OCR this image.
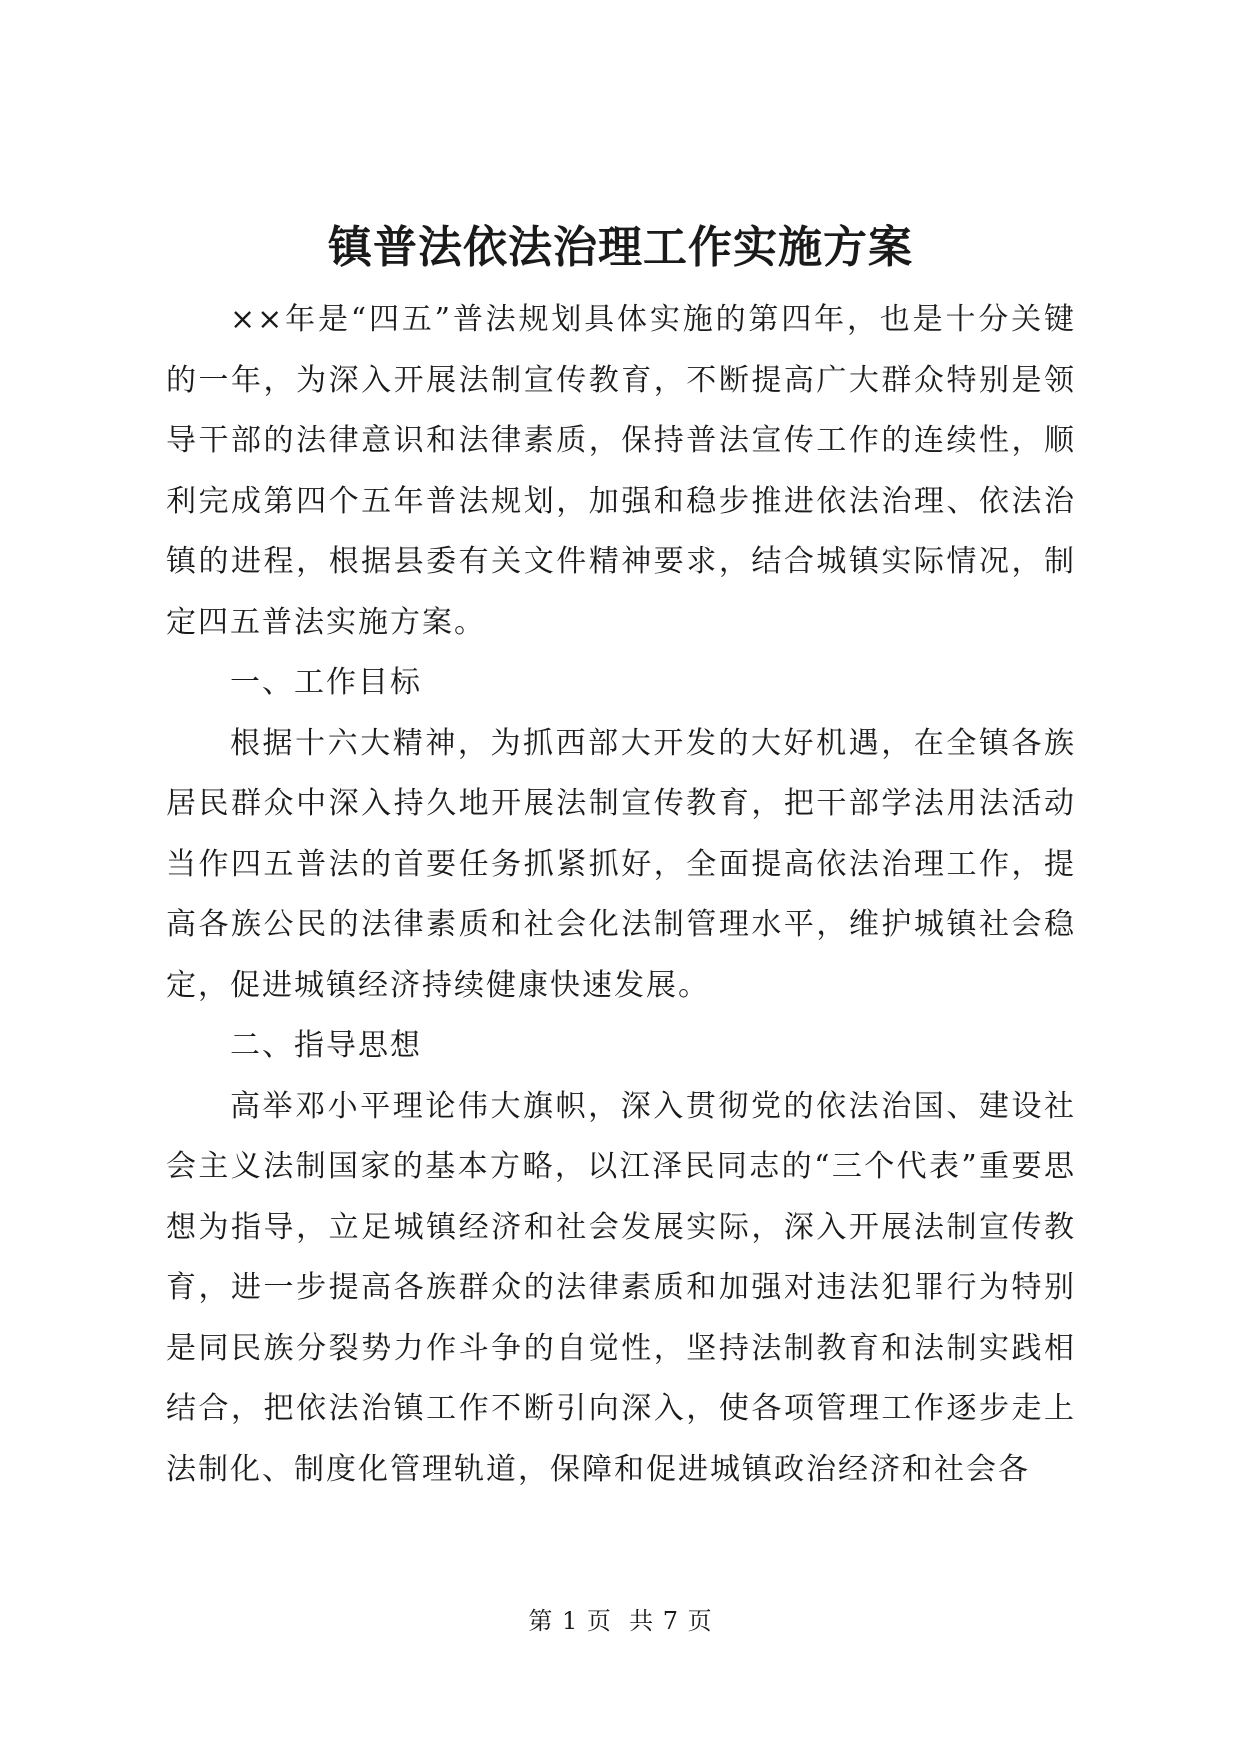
镇普法依法治理工作实施方案

××年是“四五”普法规划具体实施的第四年，也是十分关键的一年，为深入开展法制宣传教育，不断提高广大群众特别是领导干部的法律意识和法律素质，保持普法宣传工作的连续性，顺利完成第四个五年普法规划，加强和稳步推进依法治理、依法治镇的进程，根据县委有关文件精神要求，结合城镇实际情况，制定四五普法实施方案。

一、工作目标

根据十六大精神，为抓西部大开发的大好机遇，在全镇各族居民群众中深入持久地开展法制宣传教育，把干部学法用法活动当作四五普法的首要任务抓紧抓好，全面提高依法治理工作，提高各族公民的法律素质和社会化法制管理水平，维护城镇社会稳定，促进城镇经济持续健康快速发展。

二、指导思想

高举邓小平理论伟大旗帜，深入贯彻党的依法治国、建设社会主义法制国家的基本方略，以江泽民同志的“三个代表”重要思想为指导，立足城镇经济和社会发展实际，深入开展法制宣传教育，进一步提高各族群众的法律素质和加强对违法犯罪行为特别是同民族分裂势力作斗争的自觉性，坚持法制教育和法制实践相结合，把依法治镇工作不断引向深入，使各项管理工作逐步走上法制化、制度化管理轨道，保障和促进城镇政治经济和社会各

第 1 页  共 7 页
